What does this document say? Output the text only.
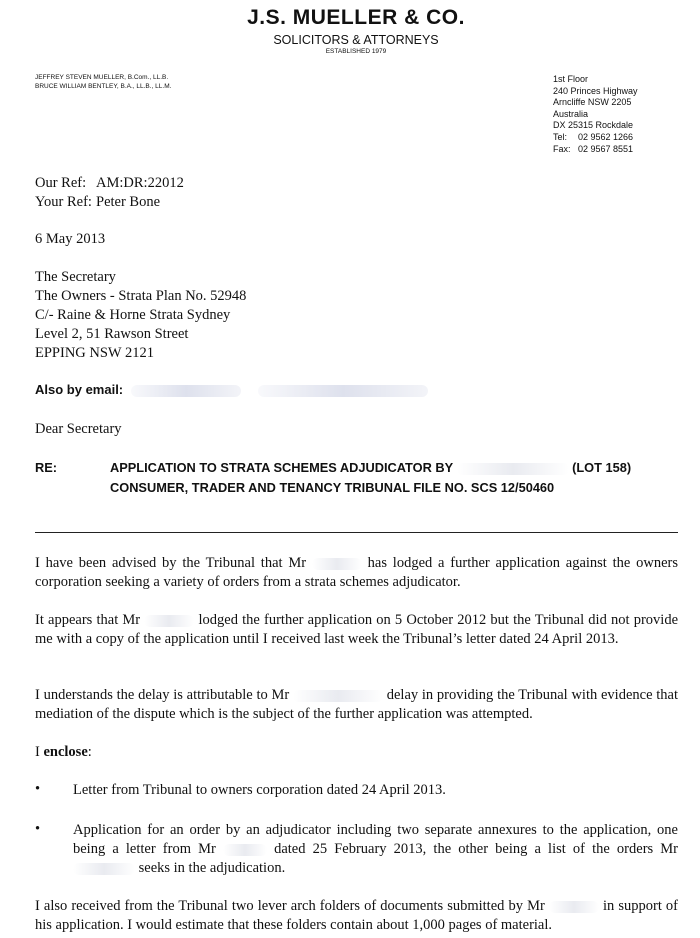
J.S. MUELLER & CO.
SOLICITORS & ATTORNEYS
ESTABLISHED 1979
JEFFREY STEVEN MUELLER, B.Com., LL.B.
BRUCE WILLIAM BENTLEY, B.A., LL.B., LL.M.
1st Floor
240 Princes Highway
Arncliffe NSW 2205
Australia
DX 25315 Rockdale
Tel: 02 9562 1266
Fax: 02 9567 8551
Our Ref: AM:DR:22012
Your Ref: Peter Bone
6 May 2013
The Secretary
The Owners - Strata Plan No. 52948
C/- Raine & Horne Strata Sydney
Level 2, 51 Rawson Street
EPPING NSW 2121
Also by email:
Dear Secretary
RE:	APPLICATION TO STRATA SCHEMES ADJUDICATOR BY	(LOT 158)
CONSUMER, TRADER AND TENANCY TRIBUNAL FILE NO. SCS 12/50460
I have been advised by the Tribunal that Mr	has lodged a further application against the owners corporation seeking a variety of orders from a strata schemes adjudicator.
It appears that Mr	lodged the further application on 5 October 2012 but the Tribunal did not provide me with a copy of the application until I received last week the Tribunal’s letter dated 24 April 2013.
I understands the delay is attributable to Mr	delay in providing the Tribunal with evidence that mediation of the dispute which is the subject of the further application was attempted.
I enclose:
• Letter from Tribunal to owners corporation dated 24 April 2013.
• Application for an order by an adjudicator including two separate annexures to the application, one being a letter from Mr	dated 25 February 2013, the other being a list of the orders Mr  seeks in the adjudication.
I also received from the Tribunal two lever arch folders of documents submitted by Mr	in support of his application. I would estimate that these folders contain about 1,000 pages of material.
